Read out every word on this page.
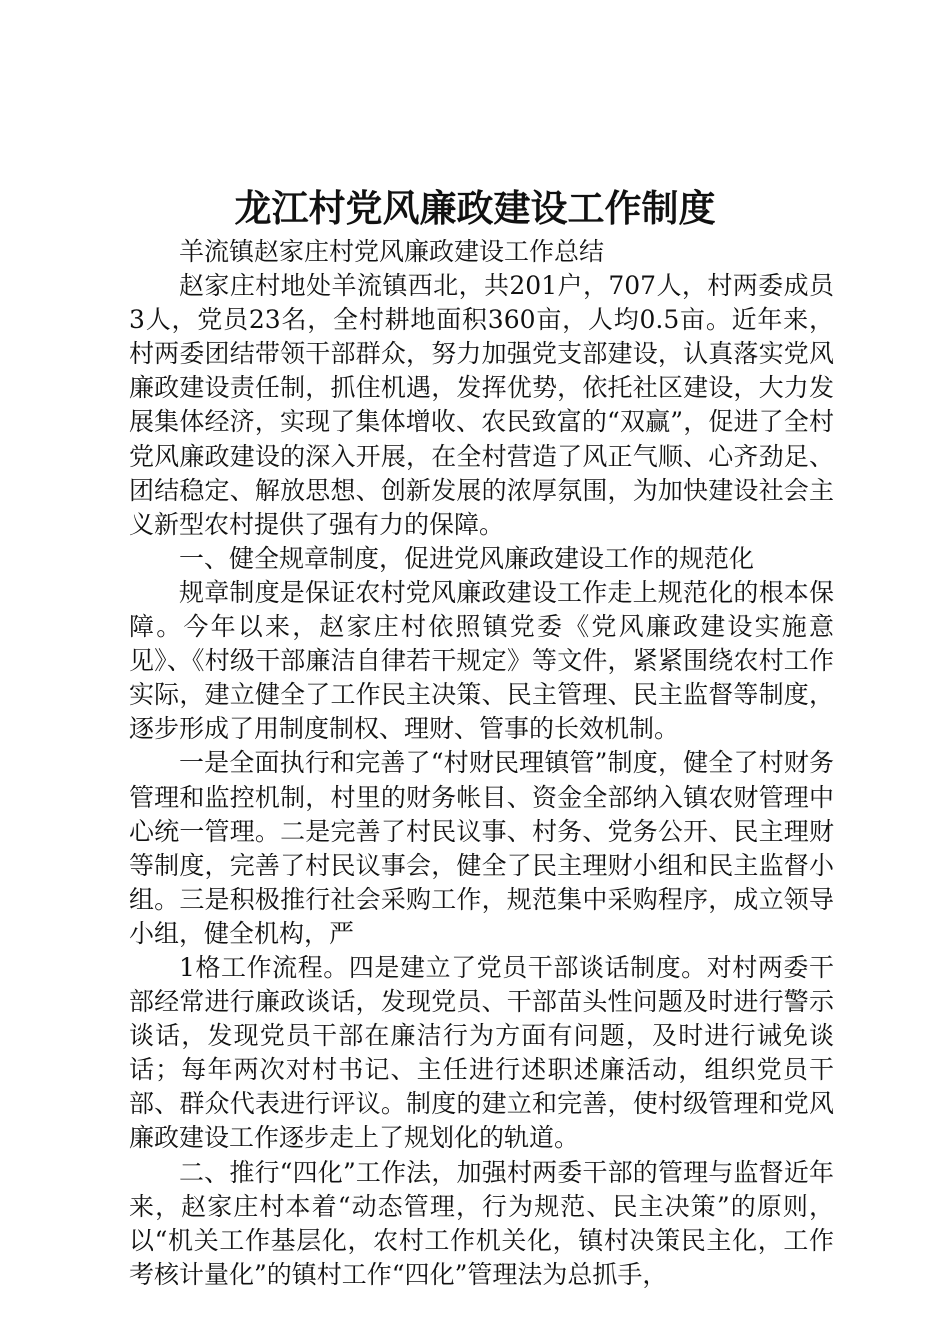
龙江村党风廉政建设工作制度

羊流镇赵家庄村党风廉政建设工作总结

赵家庄村地处羊流镇西北，共201户，707人，村两委成员3人，党员23名，全村耕地面积360亩，人均0.5亩。近年来，村两委团结带领干部群众，努力加强党支部建设，认真落实党风廉政建设责任制，抓住机遇，发挥优势，依托社区建设，大力发展集体经济，实现了集体增收、农民致富的“双赢”，促进了全村党风廉政建设的深入开展，在全村营造了风正气顺、心齐劲足、团结稳定、解放思想、创新发展的浓厚氛围，为加快建设社会主义新型农村提供了强有力的保障。

一、健全规章制度，促进党风廉政建设工作的规范化

规章制度是保证农村党风廉政建设工作走上规范化的根本保障。今年以来，赵家庄村依照镇党委《党风廉政建设实施意见》、《村级干部廉洁自律若干规定》等文件，紧紧围绕农村工作实际，建立健全了工作民主决策、民主管理、民主监督等制度，逐步形成了用制度制权、理财、管事的长效机制。

一是全面执行和完善了“村财民理镇管”制度，健全了村财务管理和监控机制，村里的财务帐目、资金全部纳入镇农财管理中心统一管理。二是完善了村民议事、村务、党务公开、民主理财等制度，完善了村民议事会，健全了民主理财小组和民主监督小组。三是积极推行社会采购工作，规范集中采购程序，成立领导小组，健全机构，严

1格工作流程。四是建立了党员干部谈话制度。对村两委干部经常进行廉政谈话，发现党员、干部苗头性问题及时进行警示谈话，发现党员干部在廉洁行为方面有问题，及时进行诫免谈话；每年两次对村书记、主任进行述职述廉活动，组织党员干部、群众代表进行评议。制度的建立和完善，使村级管理和党风廉政建设工作逐步走上了规划化的轨道。

二、推行“四化”工作法，加强村两委干部的管理与监督近年来，赵家庄村本着“动态管理，行为规范、民主决策”的原则，以“机关工作基层化，农村工作机关化，镇村决策民主化，工作考核计量化”的镇村工作“四化”管理法为总抓手，
